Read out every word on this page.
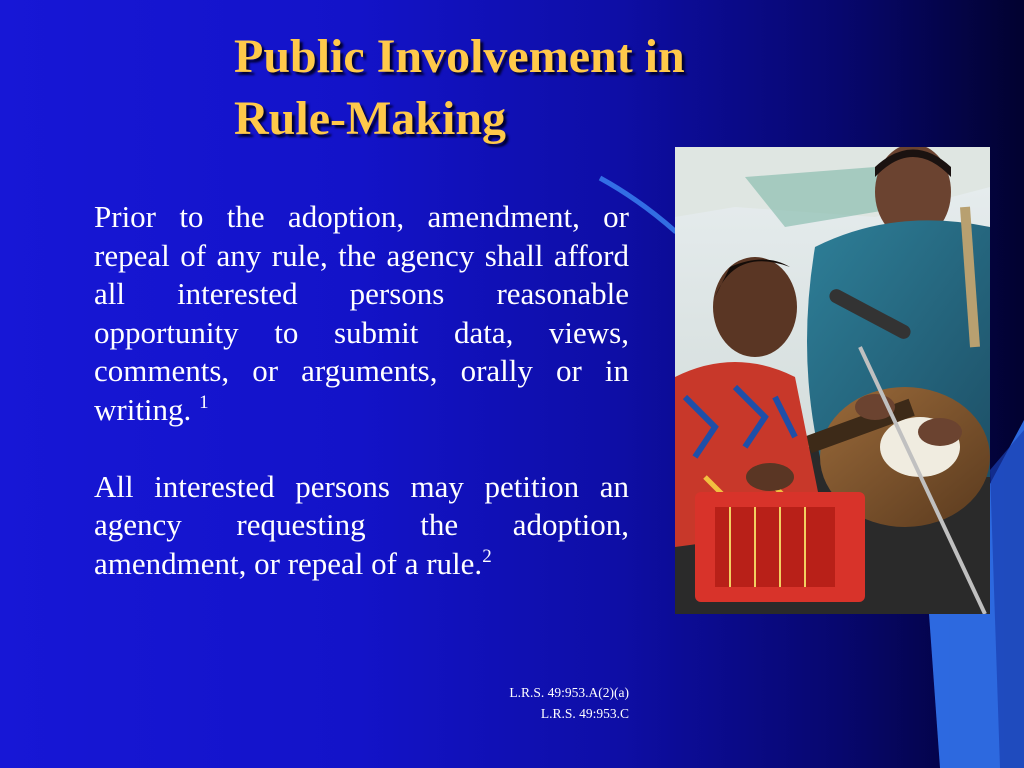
Public Involvement in
Rule-Making

Prior to the adoption, amendment, or repeal of any rule, the agency shall afford all interested persons reasonable opportunity to submit data, views, comments, or arguments, orally or in writing. $^1$

All interested persons may petition an agency requesting the adoption, amendment, or repeal of a rule.$^2$

L.R.S. 49:953.A(2)(a)
L.R.S. 49:953.C
